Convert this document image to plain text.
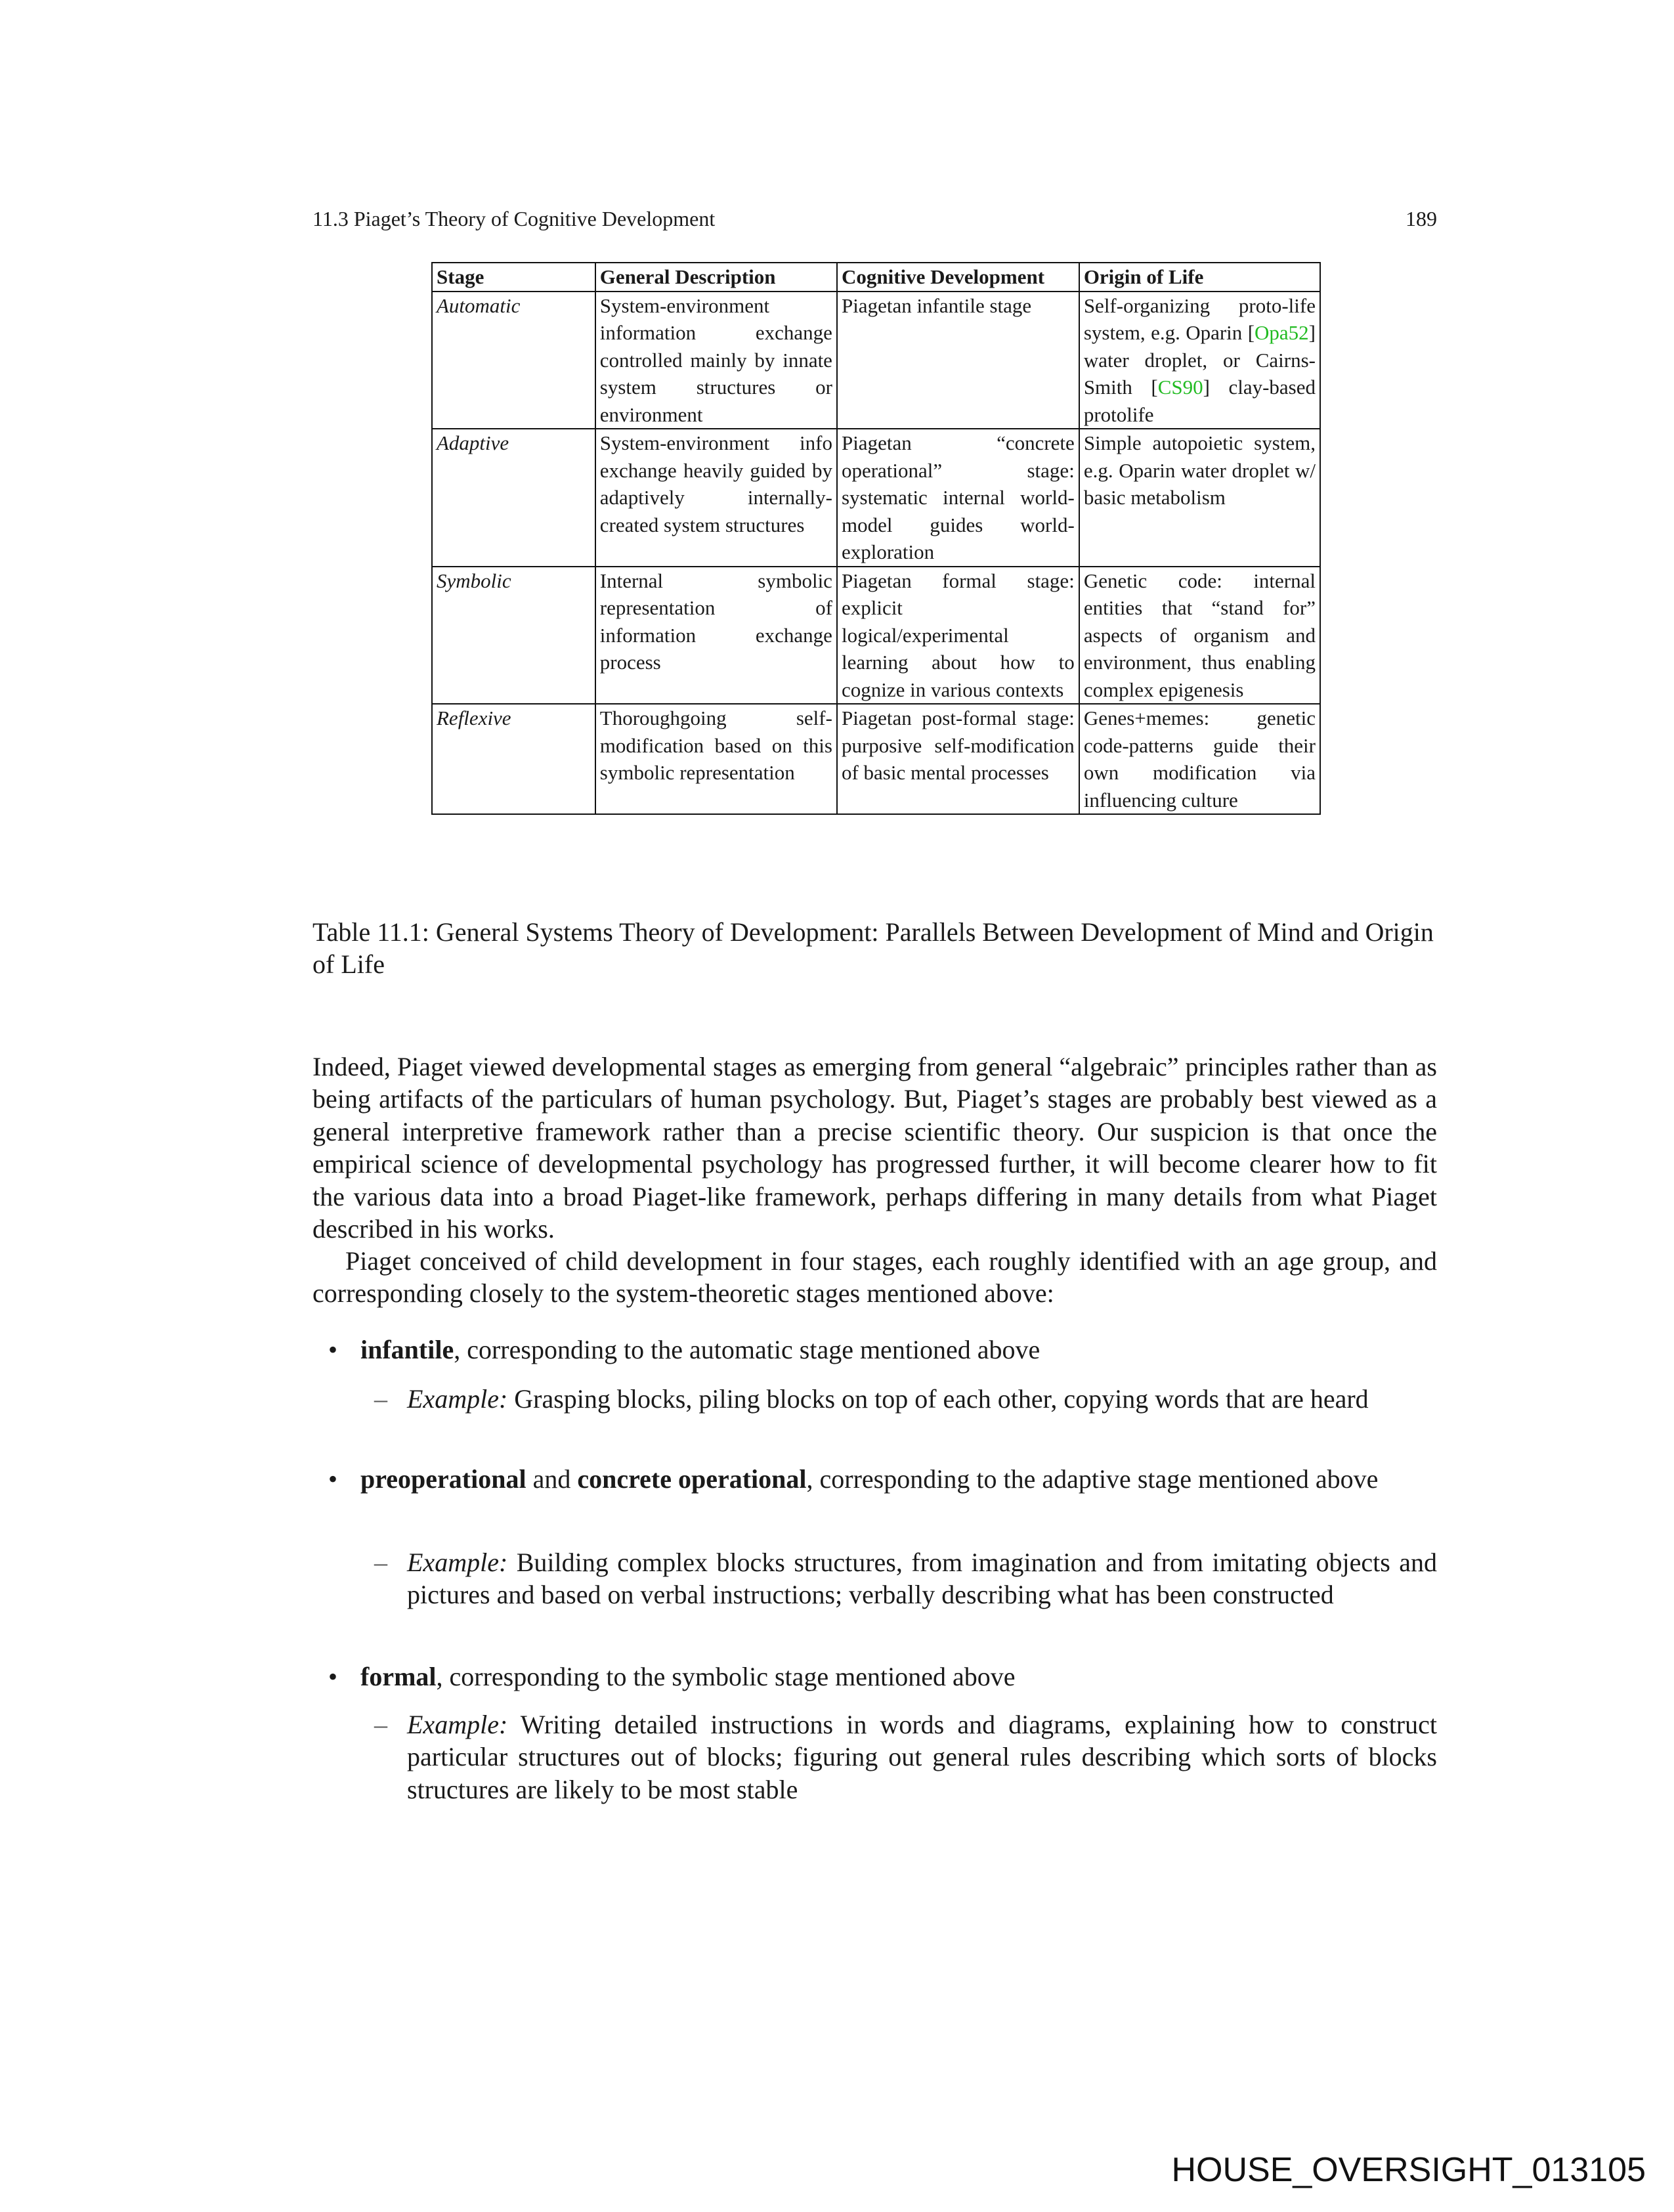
11.3 Piaget’s Theory of Cognitive Development	189
Stage	General Description	Cognitive Development	Origin of Life
Automatic	System-environment information exchange controlled mainly by innate system structures or environment	Piagetan infantile stage	Self-organizing proto-life system, e.g. Oparin [Opa52] water droplet, or Cairns-Smith [CS90] clay-based protolife
Adaptive	System-environment info exchange heavily guided by adaptively internally-created system structures	Piagetan “concrete operational” stage: systematic internal world-model guides world-exploration	Simple autopoietic system, e.g. Oparin water droplet w/ basic metabolism
Symbolic	Internal symbolic representation of information exchange process	Piagetan formal stage: explicit logical/experimental learning about how to cognize in various contexts	Genetic code: internal entities that “stand for” aspects of organism and environment, thus enabling complex epigenesis
Reflexive	Thoroughgoing self-modification based on this symbolic representation	Piagetan post-formal stage: purposive self-modification of basic mental processes	Genes+memes: genetic code-patterns guide their own modification via influencing culture
Table 11.1: General Systems Theory of Development: Parallels Between Development of Mind and Origin of Life
Indeed, Piaget viewed developmental stages as emerging from general “algebraic” principles rather than as being artifacts of the particulars of human psychology. But, Piaget’s stages are probably best viewed as a general interpretive framework rather than a precise scientific theory. Our suspicion is that once the empirical science of developmental psychology has progressed further, it will become clearer how to fit the various data into a broad Piaget-like framework, perhaps differing in many details from what Piaget described in his works.
Piaget conceived of child development in four stages, each roughly identified with an age group, and corresponding closely to the system-theoretic stages mentioned above:
• infantile, corresponding to the automatic stage mentioned above
– Example: Grasping blocks, piling blocks on top of each other, copying words that are heard
• preoperational and concrete operational, corresponding to the adaptive stage mentioned above
– Example: Building complex blocks structures, from imagination and from imitating objects and pictures and based on verbal instructions; verbally describing what has been constructed
• formal, corresponding to the symbolic stage mentioned above
– Example: Writing detailed instructions in words and diagrams, explaining how to construct particular structures out of blocks; figuring out general rules describing which sorts of blocks structures are likely to be most stable
HOUSE_OVERSIGHT_013105
